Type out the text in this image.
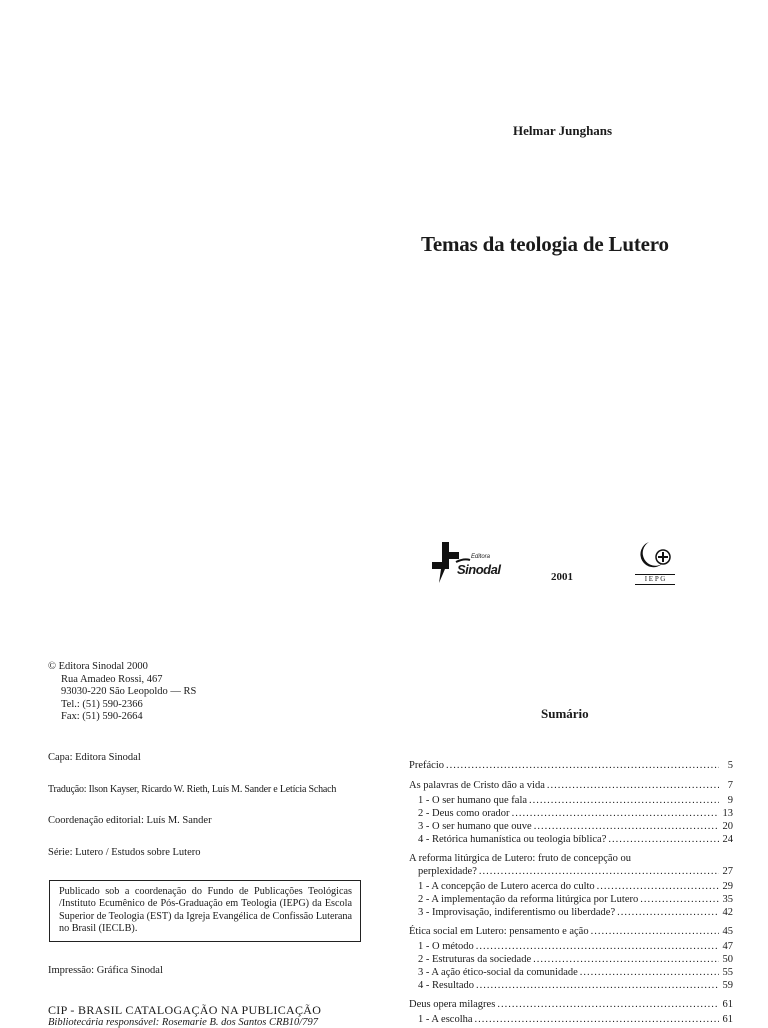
Helmar Junghans
Temas da teologia de Lutero
Editora
Sinodal	2001	I E P G
© Editora Sinodal 2000
Rua Amadeo Rossi, 467
93030-220 São Leopoldo — RS
Tel.: (51) 590-2366
Fax: (51) 590-2664
Capa: Editora Sinodal
Tradução: Ilson Kayser, Ricardo W. Rieth, Luís M. Sander e Letícia Schach
Coordenação editorial: Luís M. Sander
Série: Lutero / Estudos sobre Lutero
Publicado sob a coordenação do Fundo de Publicações Teológicas /Instituto Ecumênico de Pós-Graduação em Teologia (IEPG) da Escola Superior de Teologia (EST) da Igreja Evangélica de Confissão Luterana no Brasil (IECLB).
Impressão: Gráfica Sinodal
CIP - BRASIL CATALOGAÇÃO NA PUBLICAÇÃO
Bibliotecária responsável: Rosemarie B. dos Santos CRB10/797
Sumário
Prefácio .....	5
As palavras de Cristo dão a vida .....	7
1 - O ser humano que fala .....	9
2 - Deus como orador .....	13
3 - O ser humano que ouve .....	20
4 - Retórica humanística ou teologia bíblica? .....	24
A reforma litúrgica de Lutero: fruto de concepção ou
perplexidade? .....	27
1 - A concepção de Lutero acerca do culto .....	29
2 - A implementação da reforma litúrgica por Lutero .....	35
3 - Improvisação, indiferentismo ou liberdade? .....	42
Ética social em Lutero: pensamento e ação .....	45
1 - O método .....	47
2 - Estruturas da sociedade .....	50
3 - A ação ético-social da comunidade .....	55
4 - Resultado .....	59
Deus opera milagres .....	61
1 - A escolha .....	61
